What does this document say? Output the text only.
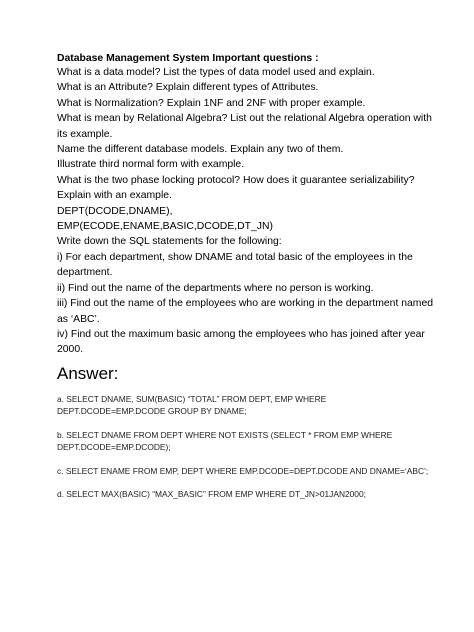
Database Management System Important questions :

What is a data model? List the types of data model used and explain.

What is an Attribute? Explain different types of Attributes.

What is Normalization? Explain 1NF and 2NF with proper example.

What is mean by Relational Algebra? List out the relational Algebra operation with its example.

Name the different database models. Explain any two of them.

Illustrate third normal form with example.

What is the two phase locking protocol? How does it guarantee serializability?

Explain with an example.

DEPT(DCODE,DNAME),

EMP(ECODE,ENAME,BASIC,DCODE,DT_JN)

Write down the SQL statements for the following:

i) For each department, show DNAME and total basic of the employees in the department.

ii) Find out the name of the departments where no person is working.

iii) Find out the name of the employees who are working in the department named as ‘ABC’.

iv) Find out the maximum basic among the employees who has joined after year 2000.

Answer:

a. SELECT DNAME, SUM(BASIC) “TOTAL” FROM DEPT, EMP WHERE DEPT.DCODE=EMP.DCODE GROUP BY DNAME;

b. SELECT DNAME FROM DEPT WHERE NOT EXISTS (SELECT * FROM EMP WHERE DEPT.DCODE=EMP.DCODE);

c. SELECT ENAME FROM EMP, DEPT WHERE EMP.DCODE=DEPT.DCODE AND DNAME=‘ABC’;

d. SELECT MAX(BASIC) “MAX_BASIC” FROM EMP WHERE DT_JN>01JAN2000;
